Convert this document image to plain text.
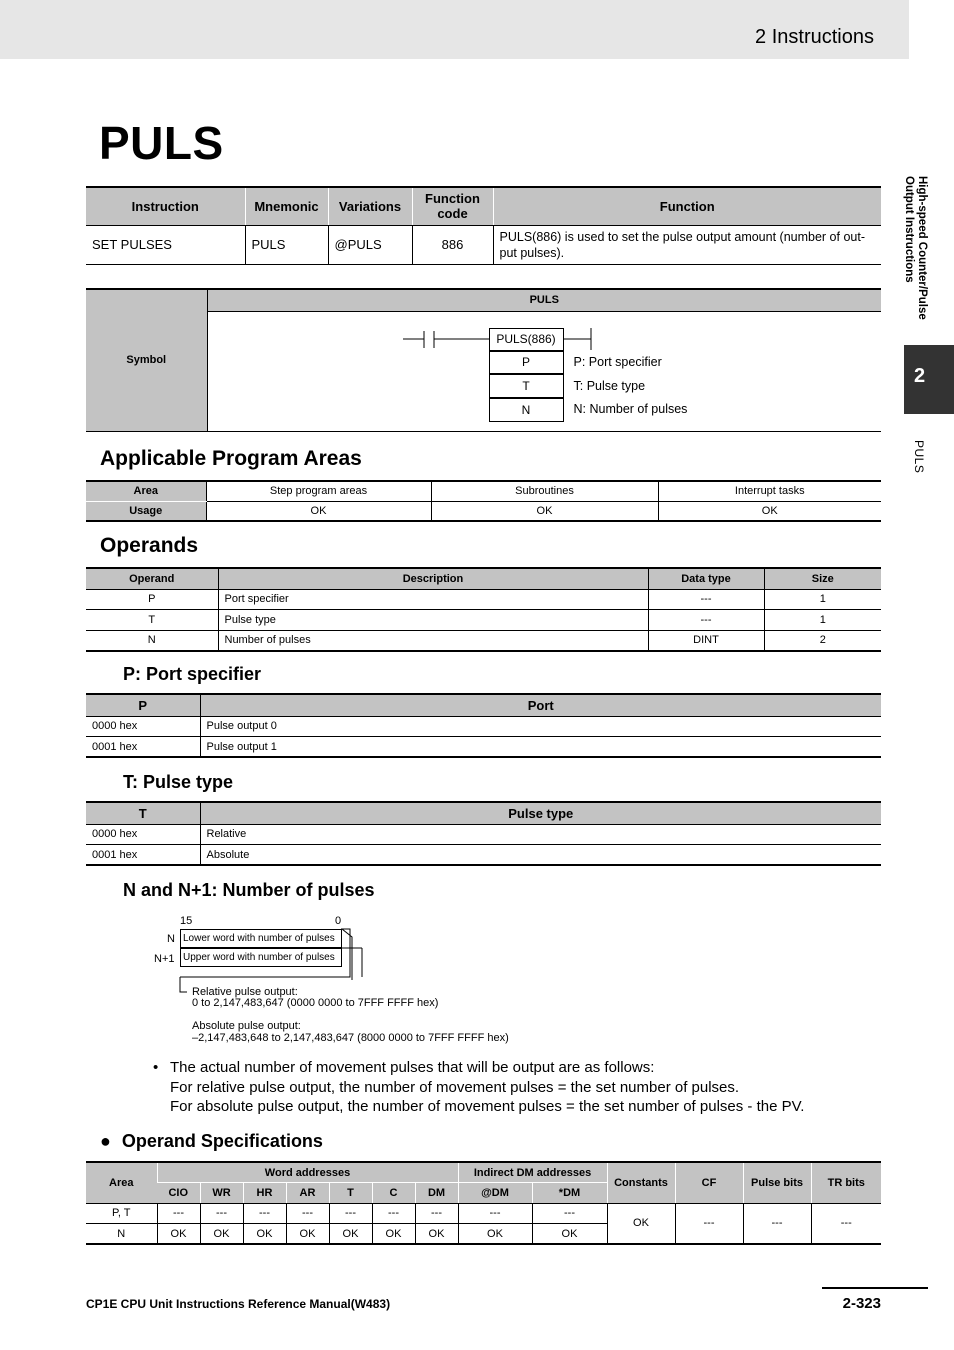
2 Instructions
High-speed Counter/Pulse
Output Instructions
2
PULS
PULS
Instruction	Mnemonic	Variations	Function code	Function
SET PULSES	PULS	@PULS	886	PULS(886) is used to set the pulse output amount (number of out-put pulses).
Symbol	PULS

PULS(886)
P
T
N
P: Port specifier
T: Pulse type
N: Number of pulses
Applicable Program Areas
Area	Step program areas	Subroutines	Interrupt tasks
Usage	OK	OK	OK
Operands
Operand	Description	Data type	Size
P	Port specifier	---	1
T	Pulse type	---	1
N	Number of pulses	DINT	2
P: Port specifier
P	Port
0000 hex	Pulse output 0
0001 hex	Pulse output 1
T: Pulse type
T	Pulse type
0000 hex	Relative
0001 hex	Absolute
N and N+1: Number of pulses
15	0
N
N+1
Lower word with number of pulses
Upper word with number of pulses
Relative pulse output:
0 to 2,147,483,647 (0000 0000 to 7FFF FFFF hex)
Absolute pulse output:
–2,147,483,648 to 2,147,483,647 (8000 0000 to 7FFF FFFF hex)
• The actual number of movement pulses that will be output are as follows:
For relative pulse output, the number of movement pulses = the set number of pulses.
For absolute pulse output, the number of movement pulses = the set number of pulses - the PV.
● Operand Specifications
Area	Word addresses							Indirect DM addresses		Constants	CF	Pulse bits	TR bits
	CIO	WR	HR	AR	T	C	DM	@DM	*DM				
P, T	---	---	---	---	---	---	---	---	---	OK	---	---	---
N	OK	OK	OK	OK	OK	OK	OK	OK	OK				
CP1E CPU Unit Instructions Reference Manual(W483)	2-323
